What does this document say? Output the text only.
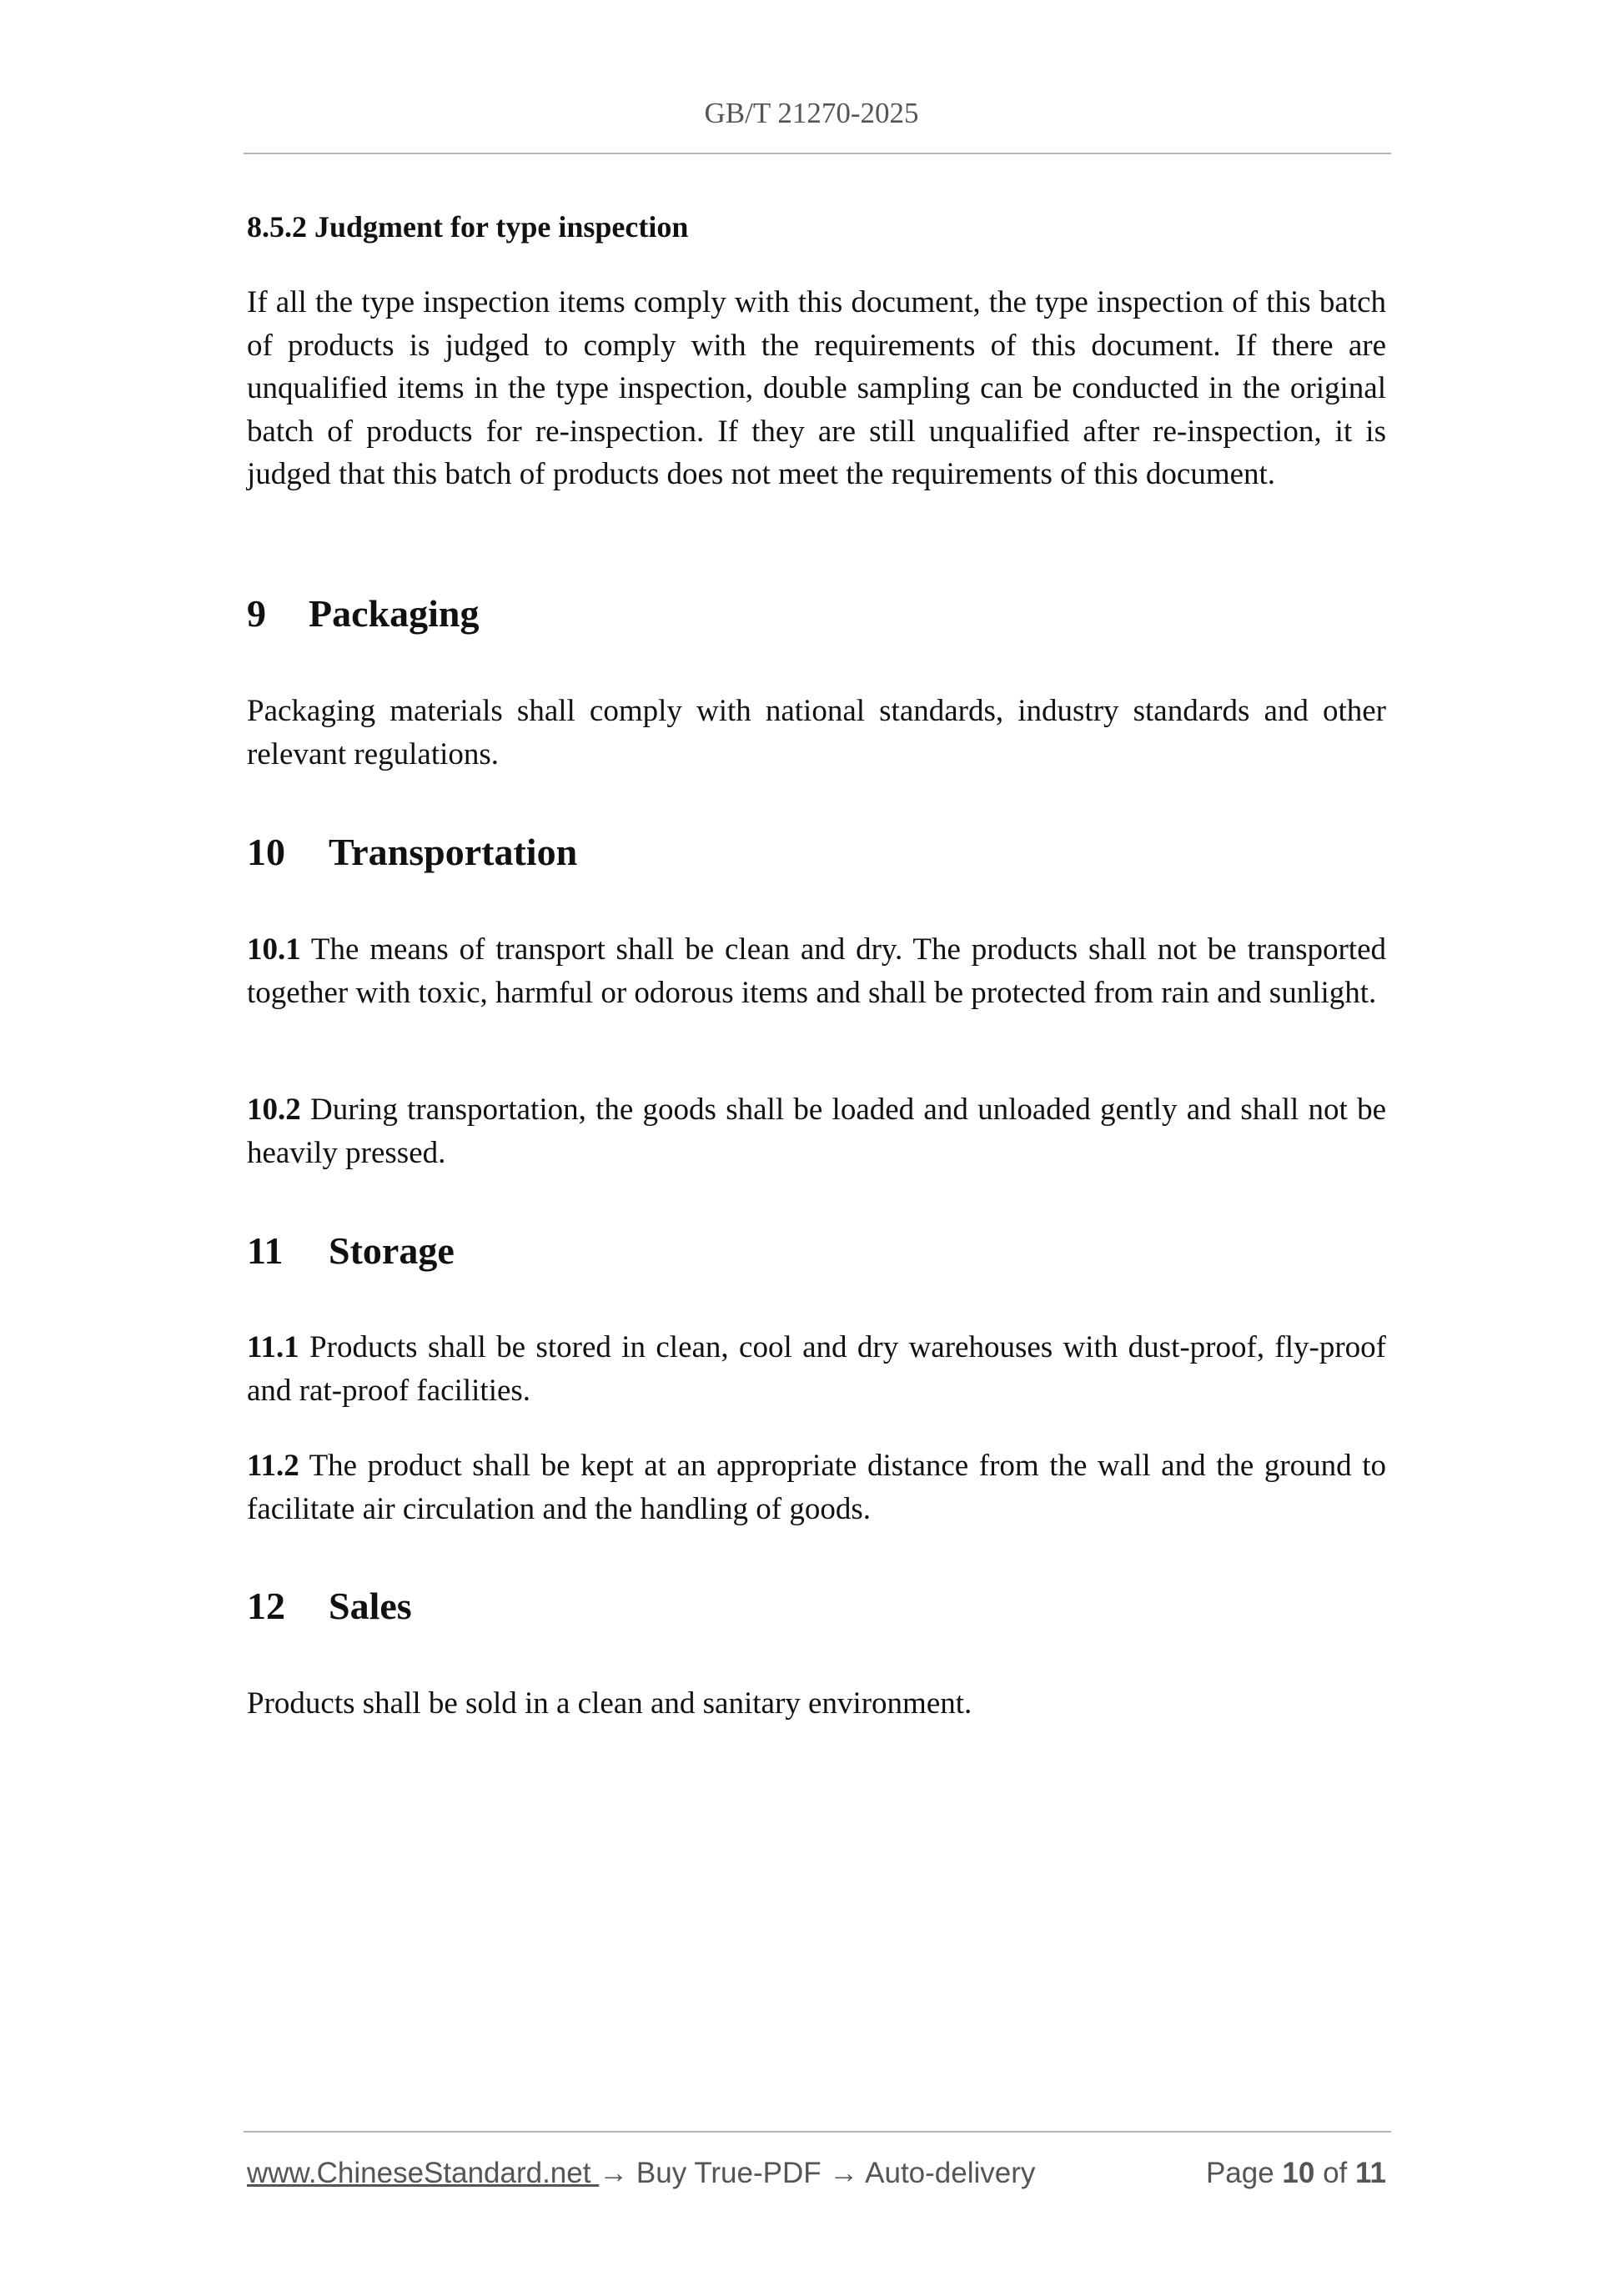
GB/T 21270-2025
8.5.2 Judgment for type inspection
If all the type inspection items comply with this document, the type inspection of this batch of products is judged to comply with the requirements of this document. If there are unqualified items in the type inspection, double sampling can be conducted in the original batch of products for re-inspection. If they are still unqualified after re-inspection, it is judged that this batch of products does not meet the requirements of this document.
9 Packaging
Packaging materials shall comply with national standards, industry standards and other relevant regulations.
10 Transportation
10.1 The means of transport shall be clean and dry. The products shall not be transported together with toxic, harmful or odorous items and shall be protected from rain and sunlight.
10.2 During transportation, the goods shall be loaded and unloaded gently and shall not be heavily pressed.
11 Storage
11.1 Products shall be stored in clean, cool and dry warehouses with dust-proof, fly-proof and rat-proof facilities.
11.2 The product shall be kept at an appropriate distance from the wall and the ground to facilitate air circulation and the handling of goods.
12 Sales
Products shall be sold in a clean and sanitary environment.
www.ChineseStandard.net → Buy True-PDF → Auto-delivery	Page 10 of 11
